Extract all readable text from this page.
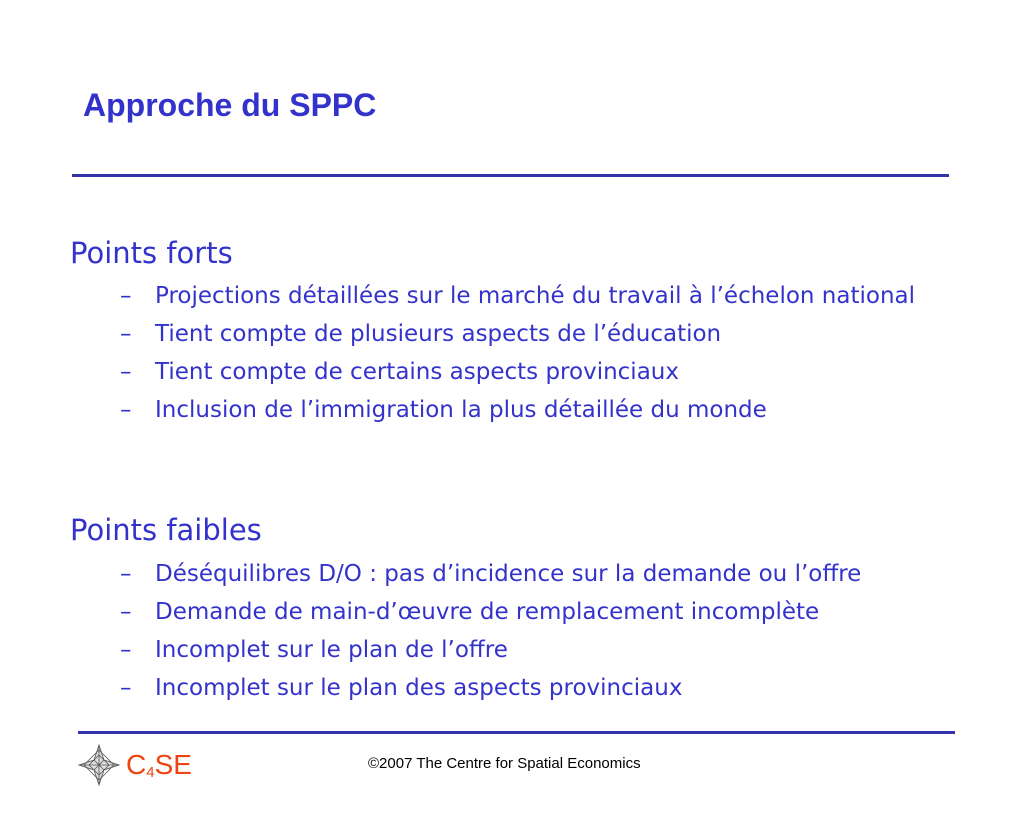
Approche du SPPC
Points forts
– Projections détaillées sur le marché du travail à l’échelon national
– Tient compte de plusieurs aspects de l’éducation
– Tient compte de certains aspects provinciaux
– Inclusion de l’immigration la plus détaillée du monde
Points faibles
– Déséquilibres D/O : pas d’incidence sur la demande ou l’offre
– Demande de main-d’œuvre de remplacement incomplète
– Incomplet sur le plan de l’offre
– Incomplet sur le plan des aspects provinciaux
$C_4SE$	©2007 The Centre for Spatial Economics
